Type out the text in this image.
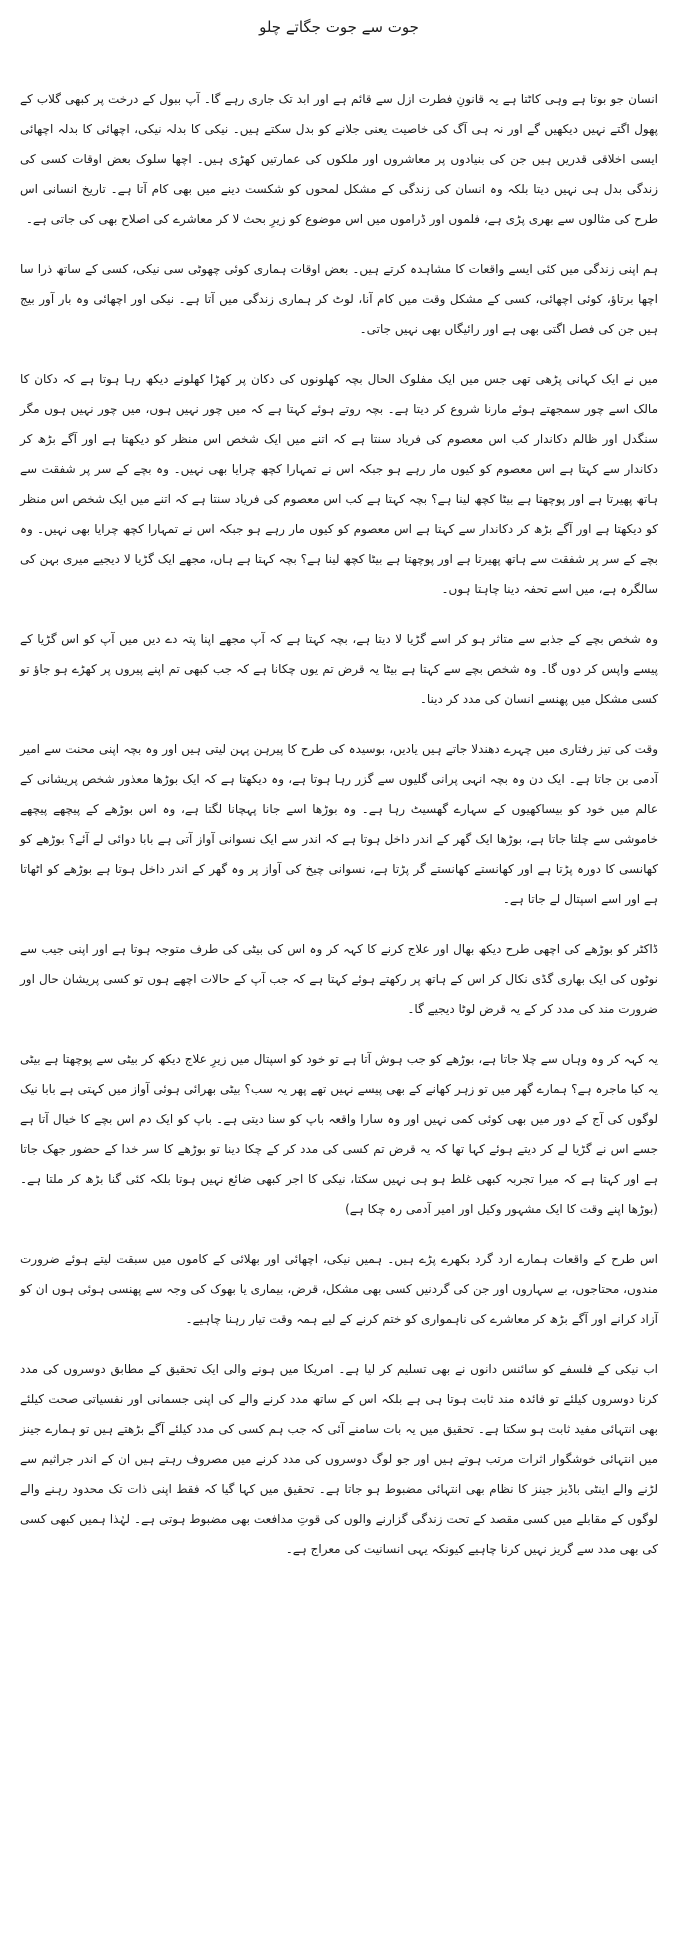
جوت سے جوت جگاتے چلو

انسان جو بوتا ہے وہی کاٹتا ہے یہ قانونِ فطرت ازل سے قائم ہے اور ابد تک جاری رہے گا۔ آپ ببول کے درخت پر کبھی گلاب کے پھول اگتے نہیں دیکھیں گے اور نہ ہی آگ کی خاصیت یعنی جلانے کو بدل سکتے ہیں۔ نیکی کا بدلہ نیکی، اچھائی کا بدلہ اچھائی ایسی اخلاقی قدریں ہیں جن کی بنیادوں پر معاشروں اور ملکوں کی عمارتیں کھڑی ہیں۔ اچھا سلوک بعض اوقات کسی کی زندگی بدل ہی نہیں دیتا بلکہ وہ انسان کی زندگی کے مشکل لمحوں کو شکست دینے میں بھی کام آتا ہے۔ تاریخ انسانی اس طرح کی مثالوں سے بھری پڑی ہے، فلموں اور ڈراموں میں اس موضوع کو زیرِ بحث لا کر معاشرے کی اصلاح بھی کی جاتی ہے۔

ہم اپنی زندگی میں کئی ایسے واقعات کا مشاہدہ کرتے ہیں۔ بعض اوقات ہماری کوئی چھوٹی سی نیکی، کسی کے ساتھ ذرا سا اچھا برتاؤ، کوئی اچھائی، کسی کے مشکل وقت میں کام آنا، لوٹ کر ہماری زندگی میں آتا ہے۔ نیکی اور اچھائی وہ بار آور بیج ہیں جن کی فصل اگتی بھی ہے اور رائیگاں بھی نہیں جاتی۔

میں نے ایک کہانی پڑھی تھی جس میں ایک مفلوک الحال بچہ کھلونوں کی دکان پر کھڑا کھلونے دیکھ رہا ہوتا ہے کہ دکان کا مالک اسے چور سمجھتے ہوئے مارنا شروع کر دیتا ہے۔ بچہ روتے ہوئے کہتا ہے کہ میں چور نہیں ہوں، میں چور نہیں ہوں مگر سنگدل اور ظالم دکاندار کب اس معصوم کی فریاد سنتا ہے کہ اتنے میں ایک شخص اس منظر کو دیکھتا ہے اور آگے بڑھ کر دکاندار سے کہتا ہے اس معصوم کو کیوں مار رہے ہو جبکہ اس نے تمہارا کچھ چرایا بھی نہیں۔ وہ بچے کے سر پر شفقت سے ہاتھ پھیرتا ہے اور پوچھتا ہے بیٹا کچھ لینا ہے؟ بچہ کہتا ہے کب اس معصوم کی فریاد سنتا ہے کہ اتنے میں ایک شخص اس منظر کو دیکھتا ہے اور آگے بڑھ کر دکاندار سے کہتا ہے اس معصوم کو کیوں مار رہے ہو جبکہ اس نے تمہارا کچھ چرایا بھی نہیں۔ وہ بچے کے سر پر شفقت سے ہاتھ پھیرتا ہے اور پوچھتا ہے بیٹا کچھ لینا ہے؟ بچہ کہتا ہے ہاں، مجھے ایک گڑیا لا دیجیے میری بہن کی سالگرہ ہے، میں اسے تحفہ دینا چاہتا ہوں۔

وہ شخص بچے کے جذبے سے متاثر ہو کر اسے گڑیا لا دیتا ہے، بچہ کہتا ہے کہ آپ مجھے اپنا پتہ دے دیں میں آپ کو اس گڑیا کے پیسے واپس کر دوں گا۔ وہ شخص بچے سے کہتا ہے بیٹا یہ قرض تم یوں چکانا ہے کہ جب کبھی تم اپنے پیروں پر کھڑے ہو جاؤ تو کسی مشکل میں پھنسے انسان کی مدد کر دینا۔

وقت کی تیز رفتاری میں چہرے دھندلا جاتے ہیں یادیں، بوسیدہ کی طرح کا پیرہن پہن لیتی ہیں اور وہ بچہ اپنی محنت سے امیر آدمی بن جاتا ہے۔ ایک دن وہ بچہ انہی پرانی گلیوں سے گزر رہا ہوتا ہے، وہ دیکھتا ہے کہ ایک بوڑھا معذور شخص پریشانی کے عالم میں خود کو بیساکھیوں کے سہارے گھسیٹ رہا ہے۔ وہ بوڑھا اسے جانا پہچانا لگتا ہے، وہ اس بوڑھے کے پیچھے پیچھے خاموشی سے چلتا جاتا ہے، بوڑھا ایک گھر کے اندر داخل ہوتا ہے کہ اندر سے ایک نسوانی آواز آتی ہے بابا دوائی لے آئے؟ بوڑھے کو کھانسی کا دورہ پڑتا ہے اور کھانستے کھانستے گر پڑتا ہے، نسوانی چیخ کی آواز پر وہ گھر کے اندر داخل ہوتا ہے بوڑھے کو اٹھاتا ہے اور اسے اسپتال لے جاتا ہے۔

ڈاکٹر کو بوڑھے کی اچھی طرح دیکھ بھال اور علاج کرنے کا کہہ کر وہ اس کی بیٹی کی طرف متوجہ ہوتا ہے اور اپنی جیب سے نوٹوں کی ایک بھاری گڈی نکال کر اس کے ہاتھ پر رکھتے ہوئے کہتا ہے کہ جب آپ کے حالات اچھے ہوں تو کسی پریشان حال اور ضرورت مند کی مدد کر کے یہ قرض لوٹا دیجیے گا۔

یہ کہہ کر وہ وہاں سے چلا جاتا ہے، بوڑھے کو جب ہوش آتا ہے تو خود کو اسپتال میں زیرِ علاج دیکھ کر بیٹی سے پوچھتا ہے بیٹی یہ کیا ماجرہ ہے؟ ہمارے گھر میں تو زہر کھانے کے بھی پیسے نہیں تھے پھر یہ سب؟ بیٹی بھرائی ہوئی آواز میں کہتی ہے بابا نیک لوگوں کی آج کے دور میں بھی کوئی کمی نہیں اور وہ سارا واقعہ باپ کو سنا دیتی ہے۔ باپ کو ایک دم اس بچے کا خیال آتا ہے جسے اس نے گڑیا لے کر دیتے ہوئے کہا تھا کہ یہ قرض تم کسی کی مدد کر کے چکا دینا تو بوڑھے کا سر خدا کے حضور جھک جاتا ہے اور کہتا ہے کہ میرا تجربہ کبھی غلط ہو ہی نہیں سکتا، نیکی کا اجر کبھی ضائع نہیں ہوتا بلکہ کئی گنا بڑھ کر ملتا ہے۔ (بوڑھا اپنے وقت کا ایک مشہور وکیل اور امیر آدمی رہ چکا ہے)

اس طرح کے واقعات ہمارے ارد گرد بکھرے پڑے ہیں۔ ہمیں نیکی، اچھائی اور بھلائی کے کاموں میں سبقت لیتے ہوئے ضرورت مندوں، محتاجوں، بے سہاروں اور جن کی گردنیں کسی بھی مشکل، قرض، بیماری یا بھوک کی وجہ سے پھنسی ہوئی ہوں ان کو آزاد کرانے اور آگے بڑھ کر معاشرے کی ناہمواری کو ختم کرنے کے لیے ہمہ وقت تیار رہنا چاہیے۔

اب نیکی کے فلسفے کو سائنس دانوں نے بھی تسلیم کر لیا ہے۔ امریکا میں ہونے والی ایک تحقیق کے مطابق دوسروں کی مدد کرنا دوسروں کیلئے تو فائدہ مند ثابت ہوتا ہی ہے بلکہ اس کے ساتھ مدد کرنے والے کی اپنی جسمانی اور نفسیاتی صحت کیلئے بھی انتہائی مفید ثابت ہو سکتا ہے۔ تحقیق میں یہ بات سامنے آئی کہ جب ہم کسی کی مدد کیلئے آگے بڑھتے ہیں تو ہمارے جینز میں انتہائی خوشگوار اثرات مرتب ہوتے ہیں اور جو لوگ دوسروں کی مدد کرنے میں مصروف رہتے ہیں ان کے اندر جراثیم سے لڑنے والے اینٹی باڈیز جینز کا نظام بھی انتہائی مضبوط ہو جاتا ہے۔ تحقیق میں کہا گیا کہ فقط اپنی ذات تک محدود رہنے والے لوگوں کے مقابلے میں کسی مقصد کے تحت زندگی گزارنے والوں کی قوتِ مدافعت بھی مضبوط ہوتی ہے۔ لہٰذا ہمیں کبھی کسی کی بھی مدد سے گریز نہیں کرنا چاہیے کیونکہ یہی انسانیت کی معراج ہے۔
